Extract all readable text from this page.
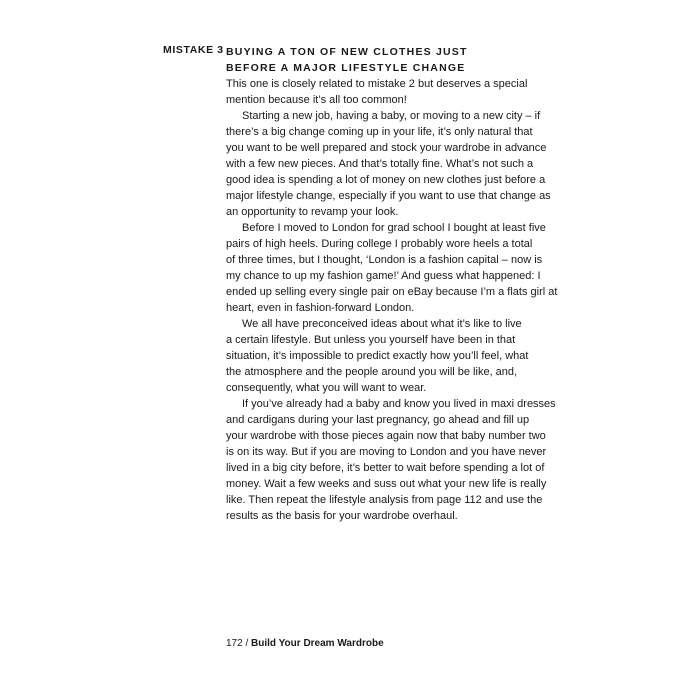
MISTAKE 3 BUYING A TON OF NEW CLOTHES JUST
BEFORE A MAJOR LIFESTYLE CHANGE
This one is closely related to mistake 2 but deserves a special
mention because it’s all too common!
Starting a new job, having a baby, or moving to a new city – if
there’s a big change coming up in your life, it’s only natural that
you want to be well prepared and stock your wardrobe in advance
with a few new pieces. And that’s totally fine. What’s not such a
good idea is spending a lot of money on new clothes just before a
major lifestyle change, especially if you want to use that change as
an opportunity to revamp your look.
Before I moved to London for grad school I bought at least five
pairs of high heels. During college I probably wore heels a total
of three times, but I thought, ‘London is a fashion capital – now is
my chance to up my fashion game!’ And guess what happened: I
ended up selling every single pair on eBay because I’m a flats girl at
heart, even in fashion-forward London.
We all have preconceived ideas about what it’s like to live
a certain lifestyle. But unless you yourself have been in that
situation, it’s impossible to predict exactly how you’ll feel, what
the atmosphere and the people around you will be like, and,
consequently, what you will want to wear.
If you’ve already had a baby and know you lived in maxi dresses
and cardigans during your last pregnancy, go ahead and fill up
your wardrobe with those pieces again now that baby number two
is on its way. But if you are moving to London and you have never
lived in a big city before, it’s better to wait before spending a lot of
money. Wait a few weeks and suss out what your new life is really
like. Then repeat the lifestyle analysis from page 112 and use the
results as the basis for your wardrobe overhaul.
172 / Build Your Dream Wardrobe
